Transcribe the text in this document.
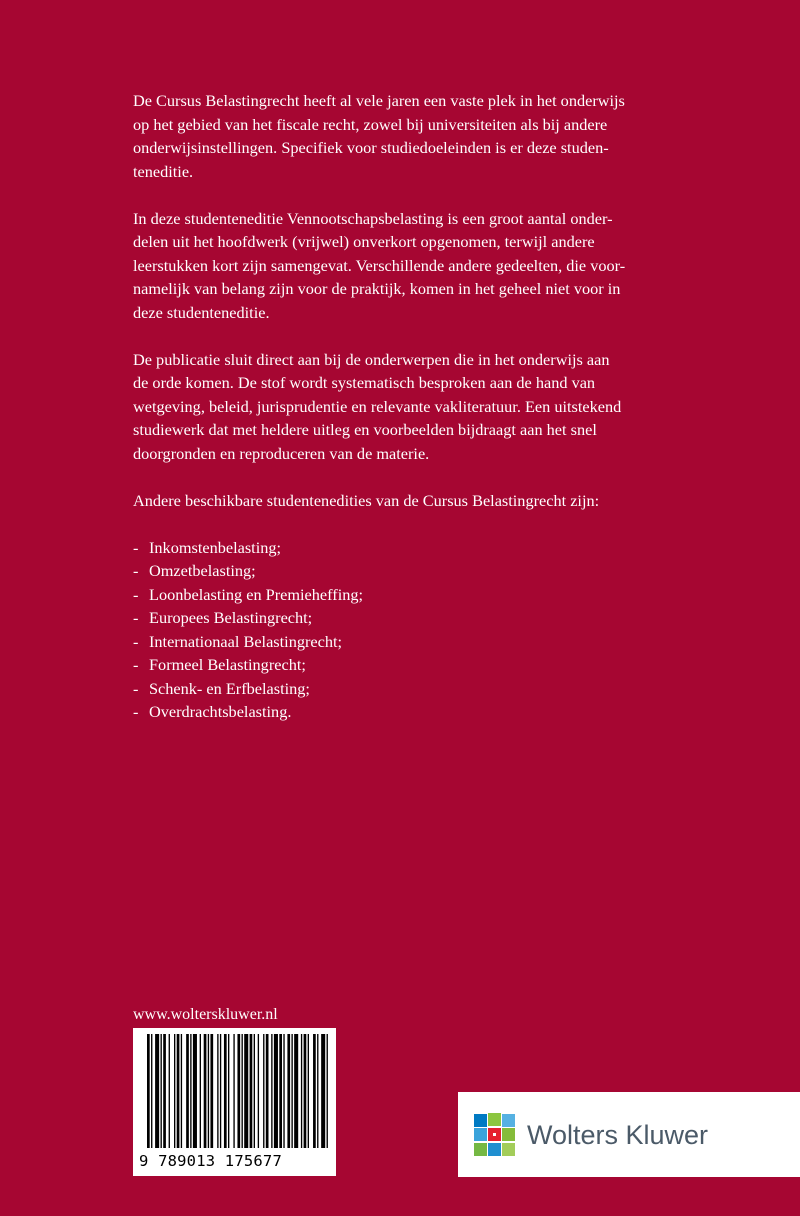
De Cursus Belastingrecht heeft al vele jaren een vaste plek in het onderwijs
op het gebied van het fiscale recht, zowel bij universiteiten als bij andere
onderwijsinstellingen. Specifiek voor studiedoeleinden is er deze studen-
teneditie.
In deze studenteneditie Vennootschapsbelasting is een groot aantal onder-
delen uit het hoofdwerk (vrijwel) onverkort opgenomen, terwijl andere
leerstukken kort zijn samengevat. Verschillende andere gedeelten, die voor-
namelijk van belang zijn voor de praktijk, komen in het geheel niet voor in
deze studenteneditie.
De publicatie sluit direct aan bij de onderwerpen die in het onderwijs aan
de orde komen. De stof wordt systematisch besproken aan de hand van
wetgeving, beleid, jurisprudentie en relevante vakliteratuur. Een uitstekend
studiewerk dat met heldere uitleg en voorbeelden bijdraagt aan het snel
doorgronden en reproduceren van de materie.
Andere beschikbare studentenedities van de Cursus Belastingrecht zijn:
- Inkomstenbelasting;
- Omzetbelasting;
- Loonbelasting en Premieheffing;
- Europees Belastingrecht;
- Internationaal Belastingrecht;
- Formeel Belastingrecht;
- Schenk- en Erfbelasting;
- Overdrachtsbelasting.
www.wolterskluwer.nl
9 789013 175677
Wolters Kluwer
